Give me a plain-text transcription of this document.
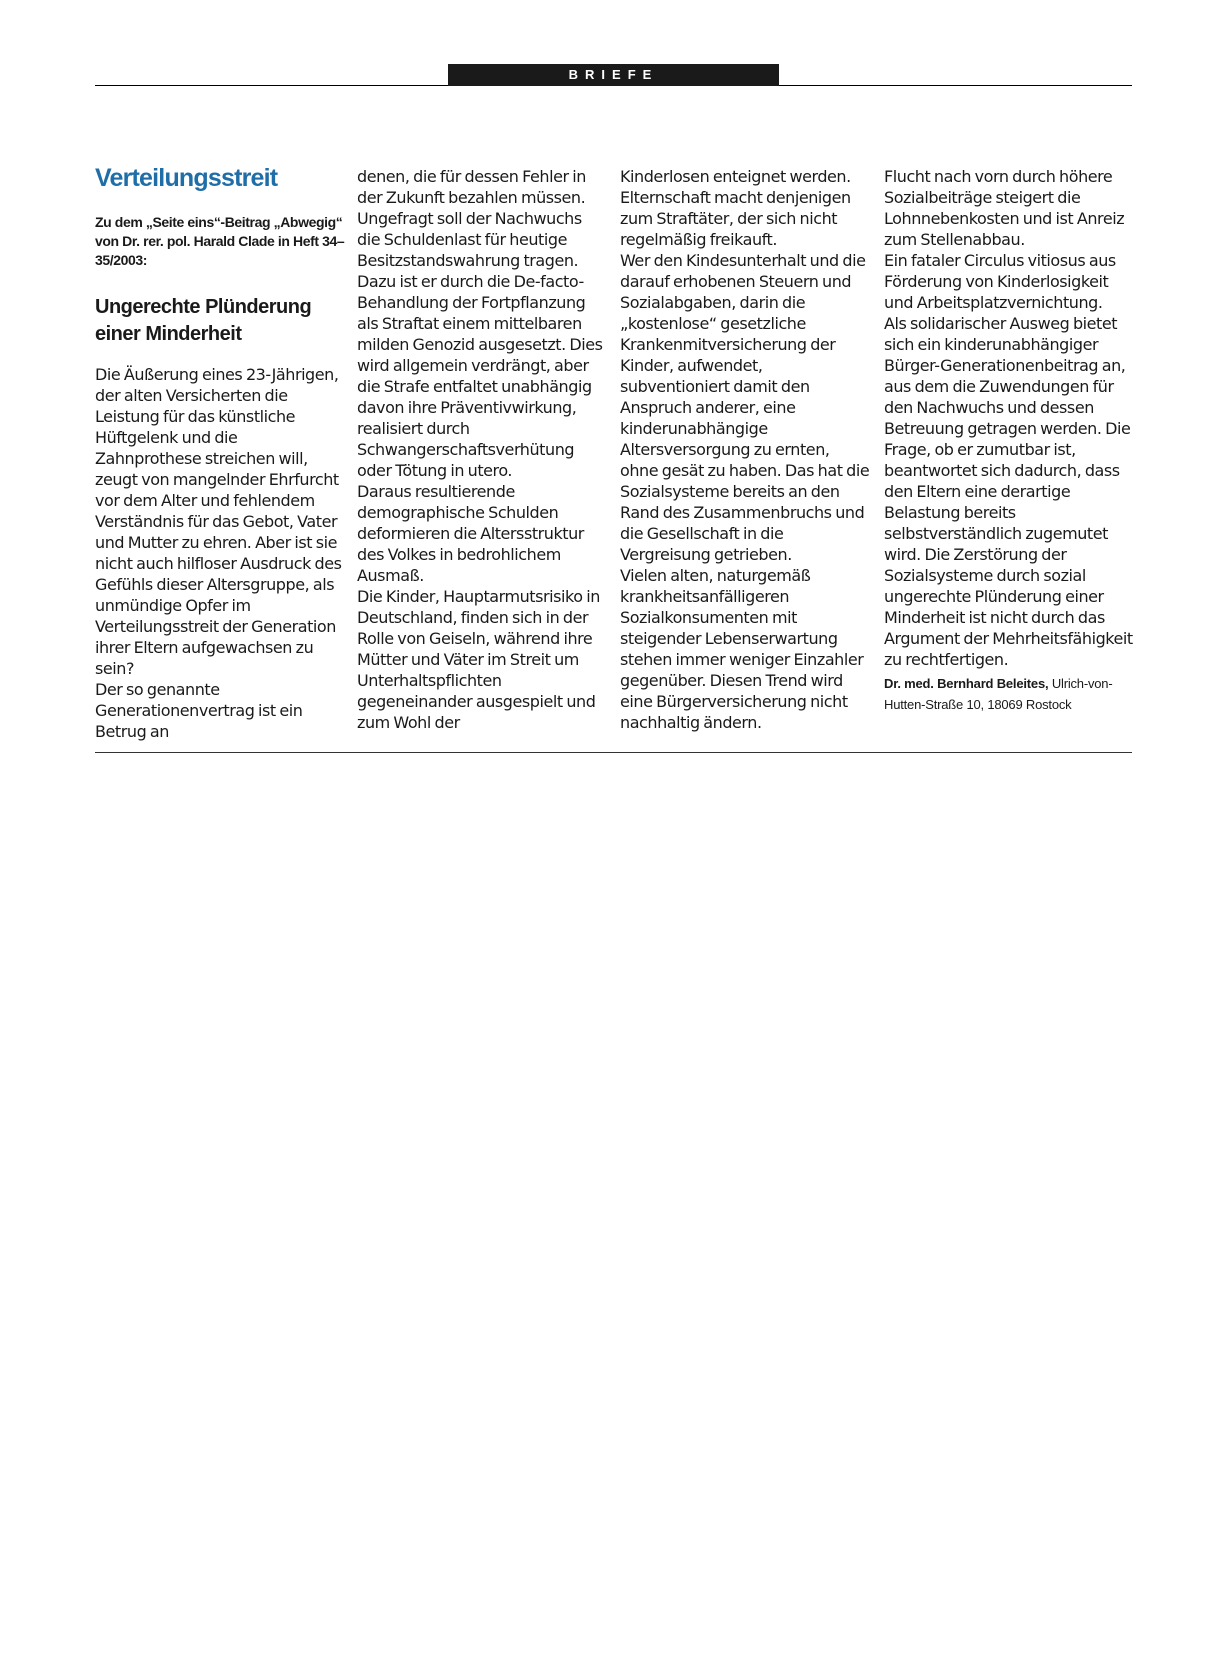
BRIEFE
Verteilungsstreit
Zu dem „Seite eins“-Beitrag „Abwegig“ von Dr. rer. pol. Harald Clade in Heft 34–35/2003:
Ungerechte Plünderung einer Minderheit

Die Äußerung eines 23-Jährigen, der alten Versicherten die Leistung für das künstliche Hüftgelenk und die Zahnprothese streichen will, zeugt von mangelnder Ehrfurcht vor dem Alter und fehlendem Verständnis für das Gebot, Vater und Mutter zu ehren. Aber ist sie nicht auch hilfloser Ausdruck des Gefühls dieser Altersgruppe, als unmündige Opfer im Verteilungsstreit der Generation ihrer Eltern aufgewachsen zu sein?

Der so genannte Generationenvertrag ist ein Betrug an

denen, die für dessen Fehler in der Zukunft bezahlen müssen. Ungefragt soll der Nachwuchs die Schuldenlast für heutige Besitzstandswahrung tragen.

Dazu ist er durch die De-facto-Behandlung der Fortpflanzung als Straftat einem mittelbaren milden Genozid ausgesetzt. Dies wird allgemein verdrängt, aber die Strafe entfaltet unabhängig davon ihre Präventivwirkung, realisiert durch Schwangerschaftsverhütung oder Tötung in utero.

Daraus resultierende demographische Schulden deformieren die Altersstruktur des Volkes in bedrohlichem Ausmaß.

Die Kinder, Hauptarmutsrisiko in Deutschland, finden sich in der Rolle von Geiseln, während ihre Mütter und Väter im Streit um Unterhaltspflichten gegeneinander ausgespielt und zum Wohl der

Kinderlosen enteignet werden. Elternschaft macht denjenigen zum Straftäter, der sich nicht regelmäßig freikauft.

Wer den Kindesunterhalt und die darauf erhobenen Steuern und Sozialabgaben, darin die „kostenlose“ gesetzliche Krankenmitversicherung der Kinder, aufwendet, subventioniert damit den Anspruch anderer, eine kinderunabhängige Altersversorgung zu ernten, ohne gesät zu haben. Das hat die Sozialsysteme bereits an den Rand des Zusammenbruchs und die Gesellschaft in die Vergreisung getrieben.

Vielen alten, naturgemäß krankheitsanfälligeren Sozialkonsumenten mit steigender Lebenserwartung stehen immer weniger Einzahler gegenüber. Diesen Trend wird eine Bürgerversicherung nicht nachhaltig ändern.

Flucht nach vorn durch höhere Sozialbeiträge steigert die Lohnnebenkosten und ist Anreiz zum Stellenabbau.

Ein fataler Circulus vitiosus aus Förderung von Kinderlosigkeit und Arbeitsplatzvernichtung.

Als solidarischer Ausweg bietet sich ein kinderunabhängiger Bürger-Generationenbeitrag an, aus dem die Zuwendungen für den Nachwuchs und dessen Betreuung getragen werden. Die Frage, ob er zumutbar ist, beantwortet sich dadurch, dass den Eltern eine derartige Belastung bereits selbstverständlich zugemutet wird. Die Zerstörung der Sozialsysteme durch sozial ungerechte Plünderung einer Minderheit ist nicht durch das Argument der Mehrheitsfähigkeit zu rechtfertigen.

Dr. med. Bernhard Beleites, Ulrich-von-Hutten-Straße 10, 18069 Rostock
